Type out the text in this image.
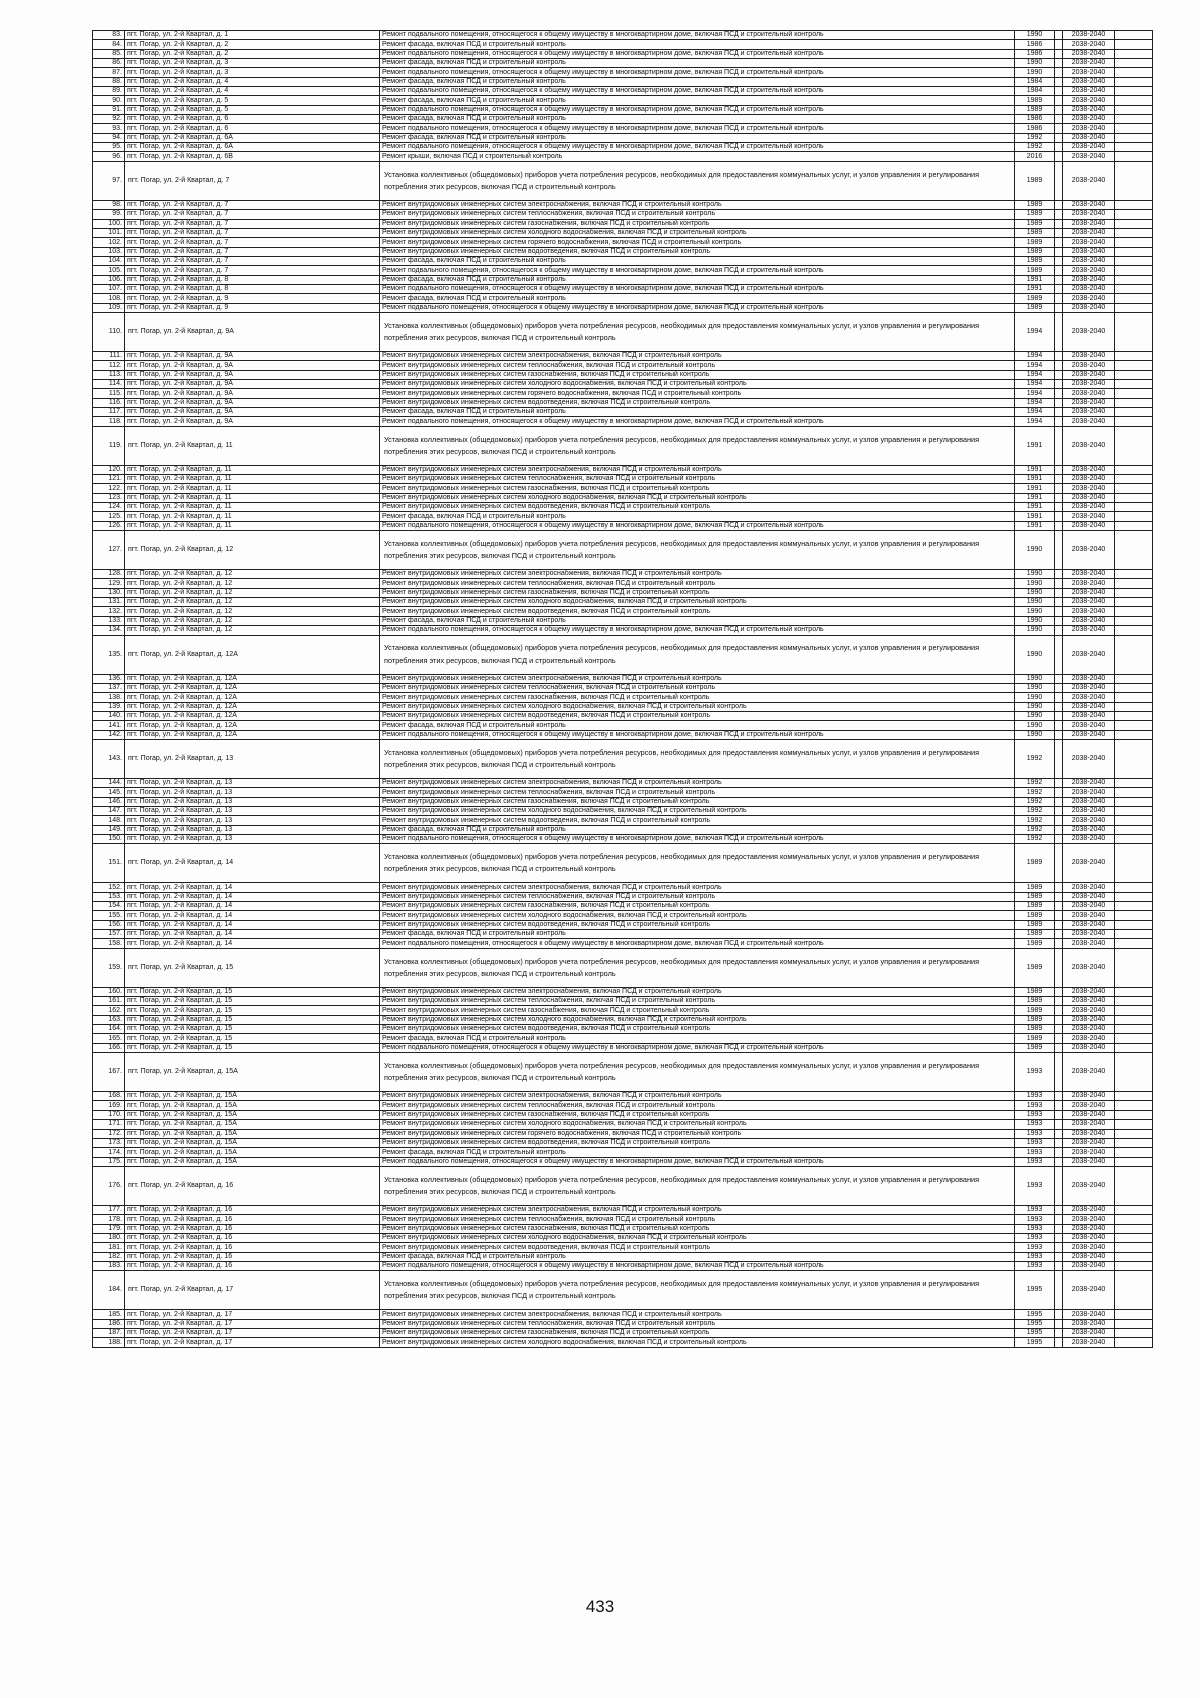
83.	пгт. Погар, ул. 2-й Квартал, д. 1	Ремонт подвального помещения, относящегося к общему имуществу в многоквартирном доме, включая ПСД и строительный контроль	1990		2038-2040	
84.	пгт. Погар, ул. 2-й Квартал, д. 2	Ремонт фасада, включая ПСД и строительный контроль	1986		2038-2040	
85.	пгт. Погар, ул. 2-й Квартал, д. 2	Ремонт подвального помещения, относящегося к общему имуществу в многоквартирном доме, включая ПСД и строительный контроль	1986		2038-2040	
86.	пгт. Погар, ул. 2-й Квартал, д. 3	Ремонт фасада, включая ПСД и строительный контроль	1990		2038-2040	
87.	пгт. Погар, ул. 2-й Квартал, д. 3	Ремонт подвального помещения, относящегося к общему имуществу в многоквартирном доме, включая ПСД и строительный контроль	1990		2038-2040	
88.	пгт. Погар, ул. 2-й Квартал, д. 4	Ремонт фасада, включая ПСД и строительный контроль	1984		2038-2040	
89.	пгт. Погар, ул. 2-й Квартал, д. 4	Ремонт подвального помещения, относящегося к общему имуществу в многоквартирном доме, включая ПСД и строительный контроль	1984		2038-2040	
90.	пгт. Погар, ул. 2-й Квартал, д. 5	Ремонт фасада, включая ПСД и строительный контроль	1989		2038-2040	
91.	пгт. Погар, ул. 2-й Квартал, д. 5	Ремонт подвального помещения, относящегося к общему имуществу в многоквартирном доме, включая ПСД и строительный контроль	1989		2038-2040	
92.	пгт. Погар, ул. 2-й Квартал, д. 6	Ремонт фасада, включая ПСД и строительный контроль	1986		2038-2040	
93.	пгт. Погар, ул. 2-й Квартал, д. 6	Ремонт подвального помещения, относящегося к общему имуществу в многоквартирном доме, включая ПСД и строительный контроль	1986		2038-2040	
94.	пгт. Погар, ул. 2-й Квартал, д. 6А	Ремонт фасада, включая ПСД и строительный контроль	1992		2038-2040	
95.	пгт. Погар, ул. 2-й Квартал, д. 6А	Ремонт подвального помещения, относящегося к общему имуществу в многоквартирном доме, включая ПСД и строительный контроль	1992		2038-2040	
96.	пгт. Погар, ул. 2-й Квартал, д. 6В	Ремонт крыши, включая ПСД и строительный контроль	2016		2038-2040	
97.	пгт. Погар, ул. 2-й Квартал, д. 7	Установка коллективных (общедомовых) приборов учета потребления ресурсов, необходимых для предоставления коммунальных услуг, и узлов управления и регулирования потребления этих ресурсов, включая ПСД и строительный контроль	1989		2038-2040	
98.	пгт. Погар, ул. 2-й Квартал, д. 7	Ремонт внутридомовых инженерных систем электроснабжения, включая ПСД и строительный контроль	1989		2038-2040	
99.	пгт. Погар, ул. 2-й Квартал, д. 7	Ремонт внутридомовых инженерных систем теплоснабжения, включая ПСД и строительный контроль	1989		2038-2040	
100.	пгт. Погар, ул. 2-й Квартал, д. 7	Ремонт внутридомовых инженерных систем газоснабжения, включая ПСД и строительный контроль	1989		2038-2040	
101.	пгт. Погар, ул. 2-й Квартал, д. 7	Ремонт внутридомовых инженерных систем холодного водоснабжения, включая ПСД и строительный контроль	1989		2038-2040	
102.	пгт. Погар, ул. 2-й Квартал, д. 7	Ремонт внутридомовых инженерных систем горячего водоснабжения, включая ПСД и строительный контроль	1989		2038-2040	
103.	пгт. Погар, ул. 2-й Квартал, д. 7	Ремонт внутридомовых инженерных систем водоотведения, включая ПСД и строительный контроль	1989		2038-2040	
104.	пгт. Погар, ул. 2-й Квартал, д. 7	Ремонт фасада, включая ПСД и строительный контроль	1989		2038-2040	
105.	пгт. Погар, ул. 2-й Квартал, д. 7	Ремонт подвального помещения, относящегося к общему имуществу в многоквартирном доме, включая ПСД и строительный контроль	1989		2038-2040	
106.	пгт. Погар, ул. 2-й Квартал, д. 8	Ремонт фасада, включая ПСД и строительный контроль	1991		2038-2040	
107.	пгт. Погар, ул. 2-й Квартал, д. 8	Ремонт подвального помещения, относящегося к общему имуществу в многоквартирном доме, включая ПСД и строительный контроль	1991		2038-2040	
108.	пгт. Погар, ул. 2-й Квартал, д. 9	Ремонт фасада, включая ПСД и строительный контроль	1989		2038-2040	
109.	пгт. Погар, ул. 2-й Квартал, д. 9	Ремонт подвального помещения, относящегося к общему имуществу в многоквартирном доме, включая ПСД и строительный контроль	1989		2038-2040	
110.	пгт. Погар, ул. 2-й Квартал, д. 9А	Установка коллективных (общедомовых) приборов учета потребления ресурсов, необходимых для предоставления коммунальных услуг, и узлов управления и регулирования потребления этих ресурсов, включая ПСД и строительный контроль	1994		2038-2040	
111.	пгт. Погар, ул. 2-й Квартал, д. 9А	Ремонт внутридомовых инженерных систем электроснабжения, включая ПСД и строительный контроль	1994		2038-2040	
112.	пгт. Погар, ул. 2-й Квартал, д. 9А	Ремонт внутридомовых инженерных систем теплоснабжения, включая ПСД и строительный контроль	1994		2038-2040	
113.	пгт. Погар, ул. 2-й Квартал, д. 9А	Ремонт внутридомовых инженерных систем газоснабжения, включая ПСД и строительный контроль	1994		2038-2040	
114.	пгт. Погар, ул. 2-й Квартал, д. 9А	Ремонт внутридомовых инженерных систем холодного водоснабжения, включая ПСД и строительный контроль	1994		2038-2040	
115.	пгт. Погар, ул. 2-й Квартал, д. 9А	Ремонт внутридомовых инженерных систем горячего водоснабжения, включая ПСД и строительный контроль	1994		2038-2040	
116.	пгт. Погар, ул. 2-й Квартал, д. 9А	Ремонт внутридомовых инженерных систем водоотведения, включая ПСД и строительный контроль	1994		2038-2040	
117.	пгт. Погар, ул. 2-й Квартал, д. 9А	Ремонт фасада, включая ПСД и строительный контроль	1994		2038-2040	
118.	пгт. Погар, ул. 2-й Квартал, д. 9А	Ремонт подвального помещения, относящегося к общему имуществу в многоквартирном доме, включая ПСД и строительный контроль	1994		2038-2040	
119.	пгт. Погар, ул. 2-й Квартал, д. 11	Установка коллективных (общедомовых) приборов учета потребления ресурсов, необходимых для предоставления коммунальных услуг, и узлов управления и регулирования потребления этих ресурсов, включая ПСД и строительный контроль	1991		2038-2040	
120.	пгт. Погар, ул. 2-й Квартал, д. 11	Ремонт внутридомовых инженерных систем электроснабжения, включая ПСД и строительный контроль	1991		2038-2040	
121.	пгт. Погар, ул. 2-й Квартал, д. 11	Ремонт внутридомовых инженерных систем теплоснабжения, включая ПСД и строительный контроль	1991		2038-2040	
122.	пгт. Погар, ул. 2-й Квартал, д. 11	Ремонт внутридомовых инженерных систем газоснабжения, включая ПСД и строительный контроль	1991		2038-2040	
123.	пгт. Погар, ул. 2-й Квартал, д. 11	Ремонт внутридомовых инженерных систем холодного водоснабжения, включая ПСД и строительный контроль	1991		2038-2040	
124.	пгт. Погар, ул. 2-й Квартал, д. 11	Ремонт внутридомовых инженерных систем водоотведения, включая ПСД и строительный контроль	1991		2038-2040	
125.	пгт. Погар, ул. 2-й Квартал, д. 11	Ремонт фасада, включая ПСД и строительный контроль	1991		2038-2040	
126.	пгт. Погар, ул. 2-й Квартал, д. 11	Ремонт подвального помещения, относящегося к общему имуществу в многоквартирном доме, включая ПСД и строительный контроль	1991		2038-2040	
127.	пгт. Погар, ул. 2-й Квартал, д. 12	Установка коллективных (общедомовых) приборов учета потребления ресурсов, необходимых для предоставления коммунальных услуг, и узлов управления и регулирования потребления этих ресурсов, включая ПСД и строительный контроль	1990		2038-2040	
128.	пгт. Погар, ул. 2-й Квартал, д. 12	Ремонт внутридомовых инженерных систем электроснабжения, включая ПСД и строительный контроль	1990		2038-2040	
129.	пгт. Погар, ул. 2-й Квартал, д. 12	Ремонт внутридомовых инженерных систем теплоснабжения, включая ПСД и строительный контроль	1990		2038-2040	
130.	пгт. Погар, ул. 2-й Квартал, д. 12	Ремонт внутридомовых инженерных систем газоснабжения, включая ПСД и строительный контроль	1990		2038-2040	
131.	пгт. Погар, ул. 2-й Квартал, д. 12	Ремонт внутридомовых инженерных систем холодного водоснабжения, включая ПСД и строительный контроль	1990		2038-2040	
132.	пгт. Погар, ул. 2-й Квартал, д. 12	Ремонт внутридомовых инженерных систем водоотведения, включая ПСД и строительный контроль	1990		2038-2040	
133.	пгт. Погар, ул. 2-й Квартал, д. 12	Ремонт фасада, включая ПСД и строительный контроль	1990		2038-2040	
134.	пгт. Погар, ул. 2-й Квартал, д. 12	Ремонт подвального помещения, относящегося к общему имуществу в многоквартирном доме, включая ПСД и строительный контроль	1990		2038-2040	
135.	пгт. Погар, ул. 2-й Квартал, д. 12А	Установка коллективных (общедомовых) приборов учета потребления ресурсов, необходимых для предоставления коммунальных услуг, и узлов управления и регулирования потребления этих ресурсов, включая ПСД и строительный контроль	1990		2038-2040	
136.	пгт. Погар, ул. 2-й Квартал, д. 12А	Ремонт внутридомовых инженерных систем электроснабжения, включая ПСД и строительный контроль	1990		2038-2040	
137.	пгт. Погар, ул. 2-й Квартал, д. 12А	Ремонт внутридомовых инженерных систем теплоснабжения, включая ПСД и строительный контроль	1990		2038-2040	
138.	пгт. Погар, ул. 2-й Квартал, д. 12А	Ремонт внутридомовых инженерных систем газоснабжения, включая ПСД и строительный контроль	1990		2038-2040	
139.	пгт. Погар, ул. 2-й Квартал, д. 12А	Ремонт внутридомовых инженерных систем холодного водоснабжения, включая ПСД и строительный контроль	1990		2038-2040	
140.	пгт. Погар, ул. 2-й Квартал, д. 12А	Ремонт внутридомовых инженерных систем водоотведения, включая ПСД и строительный контроль	1990		2038-2040	
141.	пгт. Погар, ул. 2-й Квартал, д. 12А	Ремонт фасада, включая ПСД и строительный контроль	1990		2038-2040	
142.	пгт. Погар, ул. 2-й Квартал, д. 12А	Ремонт подвального помещения, относящегося к общему имуществу в многоквартирном доме, включая ПСД и строительный контроль	1990		2038-2040	
143.	пгт. Погар, ул. 2-й Квартал, д. 13	Установка коллективных (общедомовых) приборов учета потребления ресурсов, необходимых для предоставления коммунальных услуг, и узлов управления и регулирования потребления этих ресурсов, включая ПСД и строительный контроль	1992		2038-2040	
144.	пгт. Погар, ул. 2-й Квартал, д. 13	Ремонт внутридомовых инженерных систем электроснабжения, включая ПСД и строительный контроль	1992		2038-2040	
145.	пгт. Погар, ул. 2-й Квартал, д. 13	Ремонт внутридомовых инженерных систем теплоснабжения, включая ПСД и строительный контроль	1992		2038-2040	
146.	пгт. Погар, ул. 2-й Квартал, д. 13	Ремонт внутридомовых инженерных систем газоснабжения, включая ПСД и строительный контроль	1992		2038-2040	
147.	пгт. Погар, ул. 2-й Квартал, д. 13	Ремонт внутридомовых инженерных систем холодного водоснабжения, включая ПСД и строительный контроль	1992		2038-2040	
148.	пгт. Погар, ул. 2-й Квартал, д. 13	Ремонт внутридомовых инженерных систем водоотведения, включая ПСД и строительный контроль	1992		2038-2040	
149.	пгт. Погар, ул. 2-й Квартал, д. 13	Ремонт фасада, включая ПСД и строительный контроль	1992		2038-2040	
150.	пгт. Погар, ул. 2-й Квартал, д. 13	Ремонт подвального помещения, относящегося к общему имуществу в многоквартирном доме, включая ПСД и строительный контроль	1992		2038-2040	
151.	пгт. Погар, ул. 2-й Квартал, д. 14	Установка коллективных (общедомовых) приборов учета потребления ресурсов, необходимых для предоставления коммунальных услуг, и узлов управления и регулирования потребления этих ресурсов, включая ПСД и строительный контроль	1989		2038-2040	
152.	пгт. Погар, ул. 2-й Квартал, д. 14	Ремонт внутридомовых инженерных систем электроснабжения, включая ПСД и строительный контроль	1989		2038-2040	
153.	пгт. Погар, ул. 2-й Квартал, д. 14	Ремонт внутридомовых инженерных систем теплоснабжения, включая ПСД и строительный контроль	1989		2038-2040	
154.	пгт. Погар, ул. 2-й Квартал, д. 14	Ремонт внутридомовых инженерных систем газоснабжения, включая ПСД и строительный контроль	1989		2038-2040	
155.	пгт. Погар, ул. 2-й Квартал, д. 14	Ремонт внутридомовых инженерных систем холодного водоснабжения, включая ПСД и строительный контроль	1989		2038-2040	
156.	пгт. Погар, ул. 2-й Квартал, д. 14	Ремонт внутридомовых инженерных систем водоотведения, включая ПСД и строительный контроль	1989		2038-2040	
157.	пгт. Погар, ул. 2-й Квартал, д. 14	Ремонт фасада, включая ПСД и строительный контроль	1989		2038-2040	
158.	пгт. Погар, ул. 2-й Квартал, д. 14	Ремонт подвального помещения, относящегося к общему имуществу в многоквартирном доме, включая ПСД и строительный контроль	1989		2038-2040	
159.	пгт. Погар, ул. 2-й Квартал, д. 15	Установка коллективных (общедомовых) приборов учета потребления ресурсов, необходимых для предоставления коммунальных услуг, и узлов управления и регулирования потребления этих ресурсов, включая ПСД и строительный контроль	1989		2038-2040	
160.	пгт. Погар, ул. 2-й Квартал, д. 15	Ремонт внутридомовых инженерных систем электроснабжения, включая ПСД и строительный контроль	1989		2038-2040	
161.	пгт. Погар, ул. 2-й Квартал, д. 15	Ремонт внутридомовых инженерных систем теплоснабжения, включая ПСД и строительный контроль	1989		2038-2040	
162.	пгт. Погар, ул. 2-й Квартал, д. 15	Ремонт внутридомовых инженерных систем газоснабжения, включая ПСД и строительный контроль	1989		2038-2040	
163.	пгт. Погар, ул. 2-й Квартал, д. 15	Ремонт внутридомовых инженерных систем холодного водоснабжения, включая ПСД и строительный контроль	1989		2038-2040	
164.	пгт. Погар, ул. 2-й Квартал, д. 15	Ремонт внутридомовых инженерных систем водоотведения, включая ПСД и строительный контроль	1989		2038-2040	
165.	пгт. Погар, ул. 2-й Квартал, д. 15	Ремонт фасада, включая ПСД и строительный контроль	1989		2038-2040	
166.	пгт. Погар, ул. 2-й Квартал, д. 15	Ремонт подвального помещения, относящегося к общему имуществу в многоквартирном доме, включая ПСД и строительный контроль	1989		2038-2040	
167.	пгт. Погар, ул. 2-й Квартал, д. 15А	Установка коллективных (общедомовых) приборов учета потребления ресурсов, необходимых для предоставления коммунальных услуг, и узлов управления и регулирования потребления этих ресурсов, включая ПСД и строительный контроль	1993		2038-2040	
168.	пгт. Погар, ул. 2-й Квартал, д. 15А	Ремонт внутридомовых инженерных систем электроснабжения, включая ПСД и строительный контроль	1993		2038-2040	
169.	пгт. Погар, ул. 2-й Квартал, д. 15А	Ремонт внутридомовых инженерных систем теплоснабжения, включая ПСД и строительный контроль	1993		2038-2040	
170.	пгт. Погар, ул. 2-й Квартал, д. 15А	Ремонт внутридомовых инженерных систем газоснабжения, включая ПСД и строительный контроль	1993		2038-2040	
171.	пгт. Погар, ул. 2-й Квартал, д. 15А	Ремонт внутридомовых инженерных систем холодного водоснабжения, включая ПСД и строительный контроль	1993		2038-2040	
172.	пгт. Погар, ул. 2-й Квартал, д. 15А	Ремонт внутридомовых инженерных систем горячего водоснабжения, включая ПСД и строительный контроль	1993		2038-2040	
173.	пгт. Погар, ул. 2-й Квартал, д. 15А	Ремонт внутридомовых инженерных систем водоотведения, включая ПСД и строительный контроль	1993		2038-2040	
174.	пгт. Погар, ул. 2-й Квартал, д. 15А	Ремонт фасада, включая ПСД и строительный контроль	1993		2038-2040	
175.	пгт. Погар, ул. 2-й Квартал, д. 15А	Ремонт подвального помещения, относящегося к общему имуществу в многоквартирном доме, включая ПСД и строительный контроль	1993		2038-2040	
176.	пгт. Погар, ул. 2-й Квартал, д. 16	Установка коллективных (общедомовых) приборов учета потребления ресурсов, необходимых для предоставления коммунальных услуг, и узлов управления и регулирования потребления этих ресурсов, включая ПСД и строительный контроль	1993		2038-2040	
177.	пгт. Погар, ул. 2-й Квартал, д. 16	Ремонт внутридомовых инженерных систем электроснабжения, включая ПСД и строительный контроль	1993		2038-2040	
178.	пгт. Погар, ул. 2-й Квартал, д. 16	Ремонт внутридомовых инженерных систем теплоснабжения, включая ПСД и строительный контроль	1993		2038-2040	
179.	пгт. Погар, ул. 2-й Квартал, д. 16	Ремонт внутридомовых инженерных систем газоснабжения, включая ПСД и строительный контроль	1993		2038-2040	
180.	пгт. Погар, ул. 2-й Квартал, д. 16	Ремонт внутридомовых инженерных систем холодного водоснабжения, включая ПСД и строительный контроль	1993		2038-2040	
181.	пгт. Погар, ул. 2-й Квартал, д. 16	Ремонт внутридомовых инженерных систем водоотведения, включая ПСД и строительный контроль	1993		2038-2040	
182.	пгт. Погар, ул. 2-й Квартал, д. 16	Ремонт фасада, включая ПСД и строительный контроль	1993		2038-2040	
183.	пгт. Погар, ул. 2-й Квартал, д. 16	Ремонт подвального помещения, относящегося к общему имуществу в многоквартирном доме, включая ПСД и строительный контроль	1993		2038-2040	
184.	пгт. Погар, ул. 2-й Квартал, д. 17	Установка коллективных (общедомовых) приборов учета потребления ресурсов, необходимых для предоставления коммунальных услуг, и узлов управления и регулирования потребления этих ресурсов, включая ПСД и строительный контроль	1995		2038-2040	
185.	пгт. Погар, ул. 2-й Квартал, д. 17	Ремонт внутридомовых инженерных систем электроснабжения, включая ПСД и строительный контроль	1995		2038-2040	
186.	пгт. Погар, ул. 2-й Квартал, д. 17	Ремонт внутридомовых инженерных систем теплоснабжения, включая ПСД и строительный контроль	1995		2038-2040	
187.	пгт. Погар, ул. 2-й Квартал, д. 17	Ремонт внутридомовых инженерных систем газоснабжения, включая ПСД и строительный контроль	1995		2038-2040	
188.	пгт. Погар, ул. 2-й Квартал, д. 17	Ремонт внутридомовых инженерных систем холодного водоснабжения, включая ПСД и строительный контроль	1995		2038-2040	
433
